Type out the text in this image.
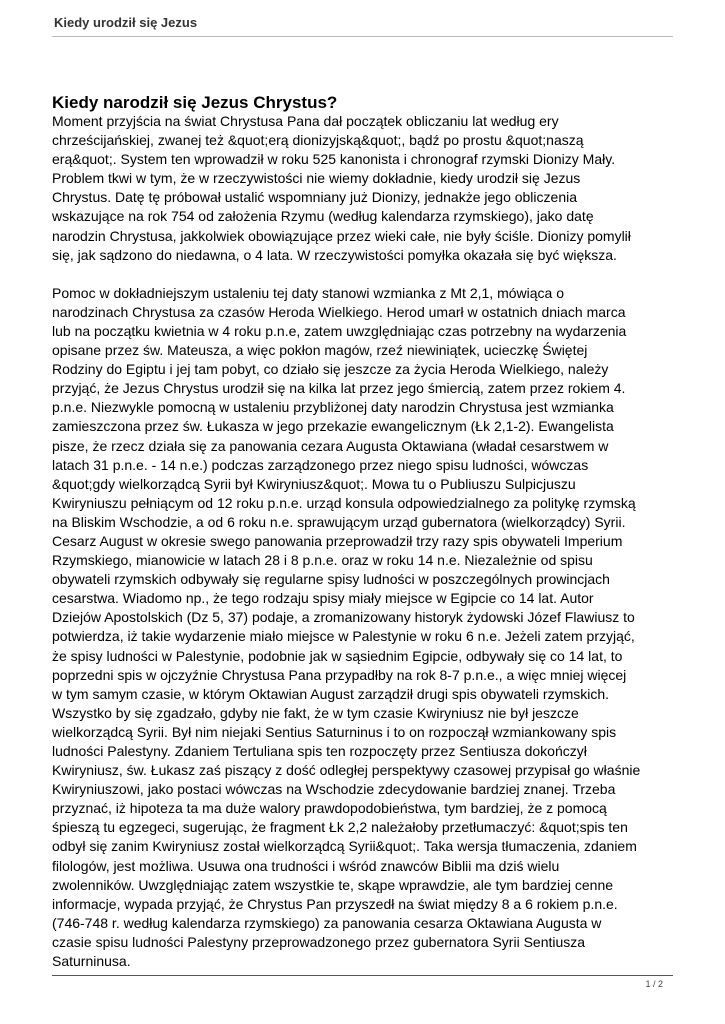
Kiedy urodził się Jezus
Kiedy narodził się Jezus Chrystus?

Moment przyjścia na świat Chrystusa Pana dał początek obliczaniu lat według ery
chrześcijańskiej, zwanej też &quot;erą dionizyjską&quot;, bądź po prostu &quot;naszą
erą&quot;. System ten wprowadził w roku 525 kanonista i chronograf rzymski Dionizy Mały.
Problem tkwi w tym, że w rzeczywistości nie wiemy dokładnie, kiedy urodził się Jezus
Chrystus. Datę tę próbował ustalić wspomniany już Dionizy, jednakże jego obliczenia
wskazujące na rok 754 od założenia Rzymu (według kalendarza rzymskiego), jako datę
narodzin Chrystusa, jakkolwiek obowiązujące przez wieki całe, nie były ściśle. Dionizy pomylił
się, jak sądzono do niedawna, o 4 lata. W rzeczywistości pomyłka okazała się być większa.

Pomoc w dokładniejszym ustaleniu tej daty stanowi wzmianka z Mt 2,1, mówiąca o
narodzinach Chrystusa za czasów Heroda Wielkiego. Herod umarł w ostatnich dniach marca
lub na początku kwietnia w 4 roku p.n.e, zatem uwzględniając czas potrzebny na wydarzenia
opisane przez św. Mateusza, a więc pokłon magów, rzeź niewiniątek, ucieczkę Świętej
Rodziny do Egiptu i jej tam pobyt, co działo się jeszcze za życia Heroda Wielkiego, należy
przyjąć, że Jezus Chrystus urodził się na kilka lat przez jego śmiercią, zatem przez rokiem 4.
p.n.e. Niezwykle pomocną w ustaleniu przybliżonej daty narodzin Chrystusa jest wzmianka
zamieszczona przez św. Łukasza w jego przekazie ewangelicznym (Łk 2,1-2). Ewangelista
pisze, że rzecz działa się za panowania cezara Augusta Oktawiana (władał cesarstwem w
latach 31 p.n.e. - 14 n.e.) podczas zarządzonego przez niego spisu ludności, wówczas
&quot;gdy wielkorządcą Syrii był Kwiryniusz&quot;. Mowa tu o Publiuszu Sulpicjuszu
Kwiryniuszu pełniącym od 12 roku p.n.e. urząd konsula odpowiedzialnego za politykę rzymską
na Bliskim Wschodzie, a od 6 roku n.e. sprawującym urząd gubernatora (wielkorządcy) Syrii.
Cesarz August w okresie swego panowania przeprowadził trzy razy spis obywateli Imperium
Rzymskiego, mianowicie w latach 28 i 8 p.n.e. oraz w roku 14 n.e. Niezależnie od spisu
obywateli rzymskich odbywały się regularne spisy ludności w poszczególnych prowincjach
cesarstwa. Wiadomo np., że tego rodzaju spisy miały miejsce w Egipcie co 14 lat. Autor
Dziejów Apostolskich (Dz 5, 37) podaje, a zromanizowany historyk żydowski Józef Flawiusz to
potwierdza, iż takie wydarzenie miało miejsce w Palestynie w roku 6 n.e. Jeżeli zatem przyjąć,
że spisy ludności w Palestynie, podobnie jak w sąsiednim Egipcie, odbywały się co 14 lat, to
poprzedni spis w ojczyźnie Chrystusa Pana przypadłby na rok 8-7 p.n.e., a więc mniej więcej
w tym samym czasie, w którym Oktawian August zarządził drugi spis obywateli rzymskich.
Wszystko by się zgadzało, gdyby nie fakt, że w tym czasie Kwiryniusz nie był jeszcze
wielkorządcą Syrii. Był nim niejaki Sentius Saturninus i to on rozpoczął wzmiankowany spis
ludności Palestyny. Zdaniem Tertuliana spis ten rozpoczęty przez Sentiusza dokończył
Kwiryniusz, św. Łukasz zaś piszący z dość odległej perspektywy czasowej przypisał go właśnie
Kwiryniuszowi, jako postaci wówczas na Wschodzie zdecydowanie bardziej znanej. Trzeba
przyznać, iż hipoteza ta ma duże walory prawdopodobieństwa, tym bardziej, że z pomocą
śpieszą tu egzegeci, sugerując, że fragment Łk 2,2 należałoby przetłumaczyć: &quot;spis ten
odbył się zanim Kwiryniusz został wielkorządcą Syrii&quot;. Taka wersja tłumaczenia, zdaniem
filologów, jest możliwa. Usuwa ona trudności i wśród znawców Biblii ma dziś wielu
zwolenników. Uwzględniając zatem wszystkie te, skąpe wprawdzie, ale tym bardziej cenne
informacje, wypada przyjąć, że Chrystus Pan przyszedł na świat między 8 a 6 rokiem p.n.e.
(746-748 r. według kalendarza rzymskiego) za panowania cesarza Oktawiana Augusta w
czasie spisu ludności Palestyny przeprowadzonego przez gubernatora Syrii Sentiusza
Saturninusa.

1 / 2
